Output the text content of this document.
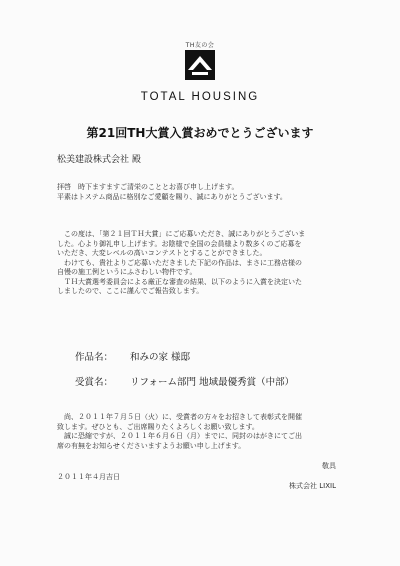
TH友の会
TOTAL HOUSING
第21回TH大賞入賞おめでとうございます
松美建設株式会社 殿

拝啓　時下ますますご清栄のこととお喜び申し上げます。

平素はトステム商品に格別なご愛顧を賜り、誠にありがとうございます。

　この度は、「第２１回ＴＨ大賞」にご応募いただき、誠にありがとうございま

した。心より御礼申し上げます。お陰様で全国の会員様より数多くのご応募を

いただき、大変レベルの高いコンテストとすることができました。

　わけても、貴社よりご応募いただきました下記の作品は、まさに工務店様の

自慢の施工例というにふさわしい物件です。

　ＴＨ大賞選考委員会による厳正な審査の結果、以下のように入賞を決定いた

しましたので、ここに謹んでご報告致します。

作品名： 和みの家 様邸
受賞名： リフォーム部門 地域最優秀賞（中部）

　尚、２０１１年７月５日（火）に、受賞者の方々をお招きして表彰式を開催

致します。ぜひとも、ご出席賜りたくよろしくお願い致します。

　誠に恐縮ですが、２０１１年６月６日（月）までに、同封のはがきにてご出

席の有無をお知らせくださいますようお願い申し上げます。

敬具
２０１１年４月吉日
株式会社 LIXIL
